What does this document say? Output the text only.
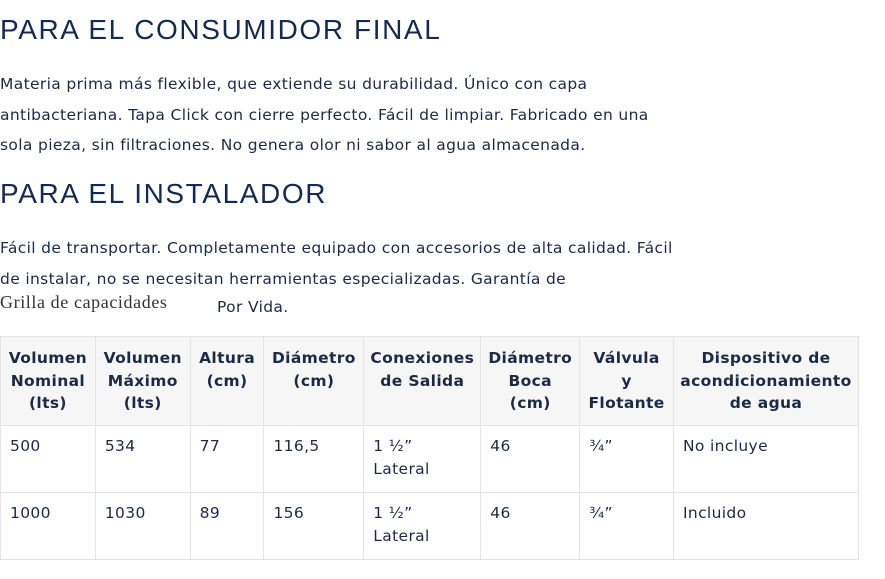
PARA EL CONSUMIDOR FINAL

Materia prima más flexible, que extiende su durabilidad. Único con capa antibacteriana. Tapa Click con cierre perfecto. Fácil de limpiar. Fabricado en una sola pieza, sin filtraciones. No genera olor ni sabor al agua almacenada.

PARA EL INSTALADOR

Fácil de transportar. Completamente equipado con accesorios de alta calidad. Fácil de instalar, no se necesitan herramientas especializadas. Garantía de

Grilla de capacidades	Por Vida.
Volumen Nominal (lts)	Volumen Máximo (lts)	Altura (cm)	Diámetro (cm)	Conexiones de Salida	Diámetro Boca (cm)	Válvula y Flotante	Dispositivo de acondicionamiento de agua
500	534	77	116,5	1 ½” Lateral	46	¾”	No incluye
1000	1030	89	156	1 ½” Lateral	46	¾”	Incluido
